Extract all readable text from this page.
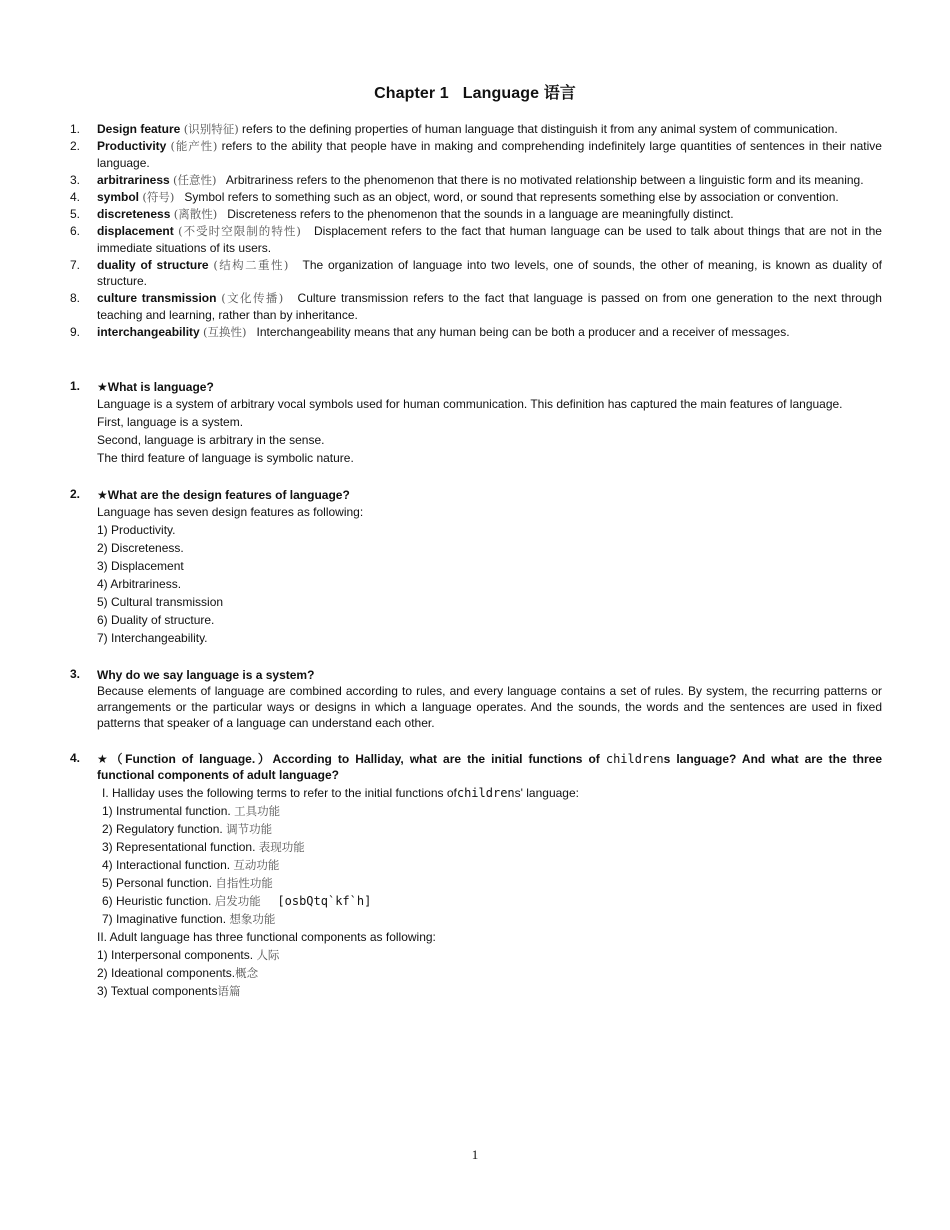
Chapter 1 Language 语言
1. Design feature (识别特征) refers to the defining properties of human language that distinguish it from any animal system of communication.
2. Productivity (能产性) refers to the ability that people have in making and comprehending indefinitely large quantities of sentences in their native language.
3. arbitrariness (任意性) Arbitrariness refers to the phenomenon that there is no motivated relationship between a linguistic form and its meaning.
4. symbol (符号) Symbol refers to something such as an object, word, or sound that represents something else by association or convention.
5. discreteness (离散性) Discreteness refers to the phenomenon that the sounds in a language are meaningfully distinct.
6. displacement (不受时空限制的特性) Displacement refers to the fact that human language can be used to talk about things that are not in the immediate situations of its users.
7. duality of structure (结构二重性) The organization of language into two levels, one of sounds, the other of meaning, is known as duality of structure.
8. culture transmission (文化传播) Culture transmission refers to the fact that language is passed on from one generation to the next through teaching and learning, rather than by inheritance.
9. interchangeability (互换性) Interchangeability means that any human being can be both a producer and a receiver of messages.
1. ★What is language?

Language is a system of arbitrary vocal symbols used for human communication. This definition has captured the main features of language.

First, language is a system.

Second, language is arbitrary in the sense.

The third feature of language is symbolic nature.

2. ★What are the design features of language?

Language has seven design features as following:

1) Productivity.

2) Discreteness.

3) Displacement

4) Arbitrariness.

5) Cultural transmission

6) Duality of structure.

7) Interchangeability.

3. Why do we say language is a system?

Because elements of language are combined according to rules, and every language contains a set of rules. By system, the recurring patterns or arrangements or the particular ways or designs in which a language operates. And the sounds, the words and the sentences are used in fixed patterns that speaker of a language can understand each other.

4. ★（Function of language.）According to Halliday, what are the initial functions of childrens language? And what are the three functional components of adult language?

I. Halliday uses the following terms to refer to the initial functions ofchildrens' language:

1) Instrumental function. 工具功能

2) Regulatory function. 调节功能

3) Representational function. 表现功能

4) Interactional function. 互动功能

5) Personal function. 自指性功能

6) Heuristic function. 启发功能 [osbQtq`kf`h]

7) Imaginative function. 想象功能

II. Adult language has three functional components as following:

1) Interpersonal components. 人际

2) Ideational components.概念

3) Textual components语篇

1
